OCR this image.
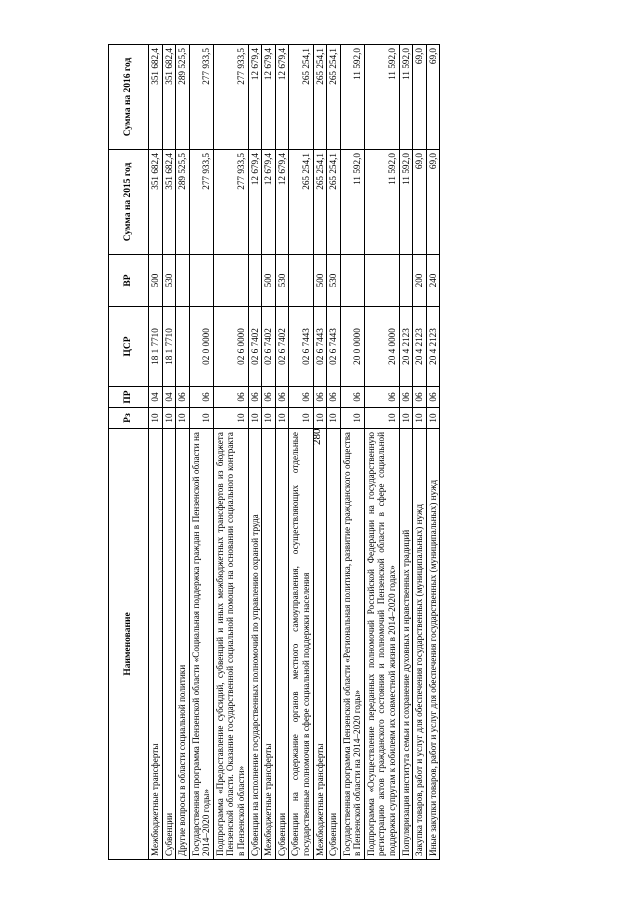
280
Наименование	Рз	ПР	ЦСР	ВР	Сумма на 2015 год	Сумма на 2016 год
Межбюджетные трансферты	10	04	18 1 7710	500	351 682,4	351 682,4
Субвенции	10	04	18 1 7710	530	351 682,4	351 682,4
Другие вопросы в области социальной политики	10	06			289 525,5	289 525,5
Государственная программа Пензенской области «Социальная поддержка граждан в Пензенской области на 2014–2020 годы»	10	06	02 0 0000		277 933,5	277 933,5
Подпрограмма «Предоставление субсидий, субвенций и иных межбюджетных трансфертов из бюджета Пензенской области. Оказание государственной социальной помощи на основании социального контракта в Пензенской области»	10	06	02 6 0000		277 933,5	277 933,5
Субвенции на исполнение государственных полномочий по управлению охраной труда	10	06	02 6 7402		12 679,4	12 679,4
Межбюджетные трансферты	10	06	02 6 7402	500	12 679,4	12 679,4
Субвенции	10	06	02 6 7402	530	12 679,4	12 679,4
Субвенции на содержание органов местного самоуправления, осуществляющих отдельные государственные полномочия в сфере социальной поддержки населения	10	06	02 6 7443		265 254,1	265 254,1
Межбюджетные трансферты	10	06	02 6 7443	500	265 254,1	265 254,1
Субвенции	10	06	02 6 7443	530	265 254,1	265 254,1
Государственная программа Пензенской области «Региональная политика, развитие гражданского общества в Пензенской области на 2014–2020 годы»	10	06	20 0 0000		11 592,0	11 592,0
Подпрограмма «Осуществление переданных полномочий Российской Федерации на государственную регистрацию актов гражданского состояния и полномочий Пензенской области в сфере социальной поддержки супругам к юбилеям их совместной жизни в 2014–2020 годах»	10	06	20 4 0000		11 592,0	11 592,0
Популяризация института семьи и сохранение духовных и нравственных традиций	10	06	20 4 2123		11 592,0	11 592,0
Закупка товаров, работ и услуг для обеспечения государственных (муниципальных) нужд	10	06	20 4 2123	200	69,0	69,0
Иные закупки товаров, работ и услуг для обеспечения государственных (муниципальных) нужд	10	06	20 4 2123	240	69,0	69,0
